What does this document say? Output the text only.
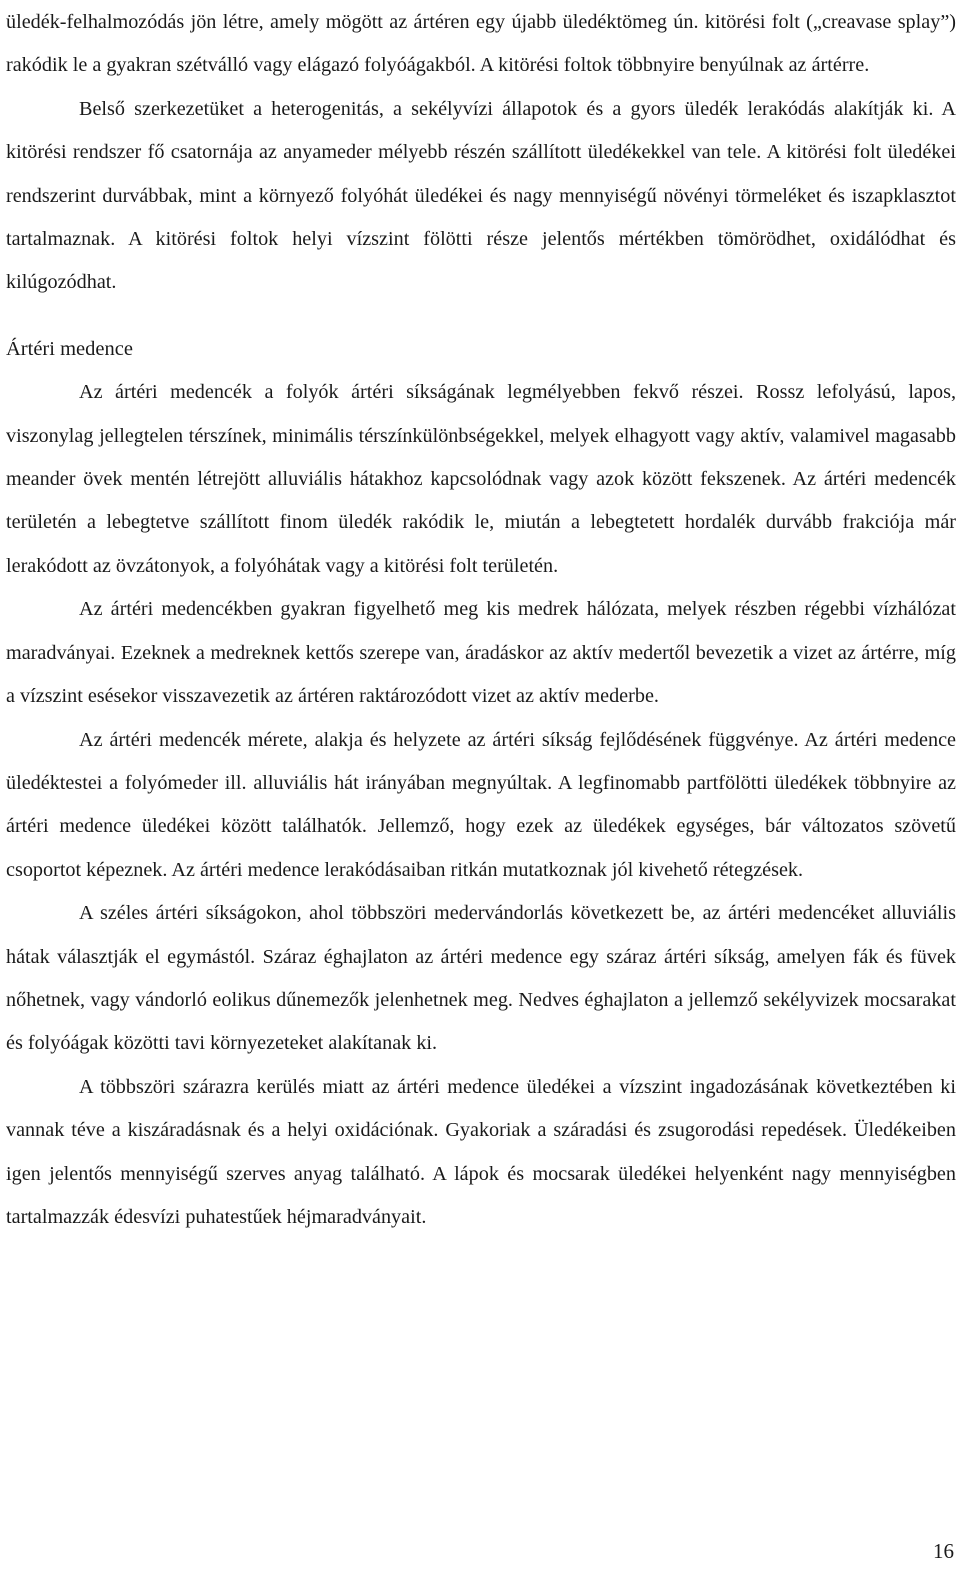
üledék-felhalmozódás jön létre, amely mögött az ártéren egy újabb üledéktömeg ún. kitörési folt („creavase splay”) rakódik le a gyakran szétválló vagy elágazó folyóágakból. A kitörési foltok többnyire benyúlnak az ártérre.

Belső szerkezetüket a heterogenitás, a sekélyvízi állapotok és a gyors üledék lerakódás alakítják ki. A kitörési rendszer fő csatornája az anyameder mélyebb részén szállított üledékekkel van tele. A kitörési folt üledékei rendszerint durvábbak, mint a környező folyóhát üledékei és nagy mennyiségű növényi törmeléket és iszapklasztot tartalmaznak. A kitörési foltok helyi vízszint fölötti része jelentős mértékben tömörödhet, oxidálódhat és kilúgozódhat.

Ártéri medence

Az ártéri medencék a folyók ártéri síkságának legmélyebben fekvő részei. Rossz lefolyású, lapos, viszonylag jellegtelen térszínek, minimális térszínkülönbségekkel, melyek elhagyott vagy aktív, valamivel magasabb meander övek mentén létrejött alluviális hátakhoz kapcsolódnak vagy azok között fekszenek. Az ártéri medencék területén a lebegtetve szállított finom üledék rakódik le, miután a lebegtetett hordalék durvább frakciója már lerakódott az övzátonyok, a folyóhátak vagy a kitörési folt területén.

Az ártéri medencékben gyakran figyelhető meg kis medrek hálózata, melyek részben régebbi vízhálózat maradványai. Ezeknek a medreknek kettős szerepe van, áradáskor az aktív medertől bevezetik a vizet az ártérre, míg a vízszint esésekor visszavezetik az ártéren raktározódott vizet az aktív mederbe.

Az ártéri medencék mérete, alakja és helyzete az ártéri síkság fejlődésének függvénye. Az ártéri medence üledéktestei a folyómeder ill. alluviális hát irányában megnyúltak. A legfinomabb partfölötti üledékek többnyire az ártéri medence üledékei között találhatók. Jellemző, hogy ezek az üledékek egységes, bár változatos szövetű csoportot képeznek. Az ártéri medence lerakódásaiban ritkán mutatkoznak jól kivehető rétegzések.

A széles ártéri síkságokon, ahol többszöri medervándorlás következett be, az ártéri medencéket alluviális hátak választják el egymástól. Száraz éghajlaton az ártéri medence egy száraz ártéri síkság, amelyen fák és füvek nőhetnek, vagy vándorló eolikus dűnemezők jelenhetnek meg. Nedves éghajlaton a jellemző sekélyvizek mocsarakat és folyóágak közötti tavi környezeteket alakítanak ki.

A többszöri szárazra kerülés miatt az ártéri medence üledékei a vízszint ingadozásának következtében ki vannak téve a kiszáradásnak és a helyi oxidációnak. Gyakoriak a száradási és zsugorodási repedések. Üledékeiben igen jelentős mennyiségű szerves anyag található. A lápok és mocsarak üledékei helyenként nagy mennyiségben tartalmazzák édesvízi puhatestűek héjmaradványait.

16
